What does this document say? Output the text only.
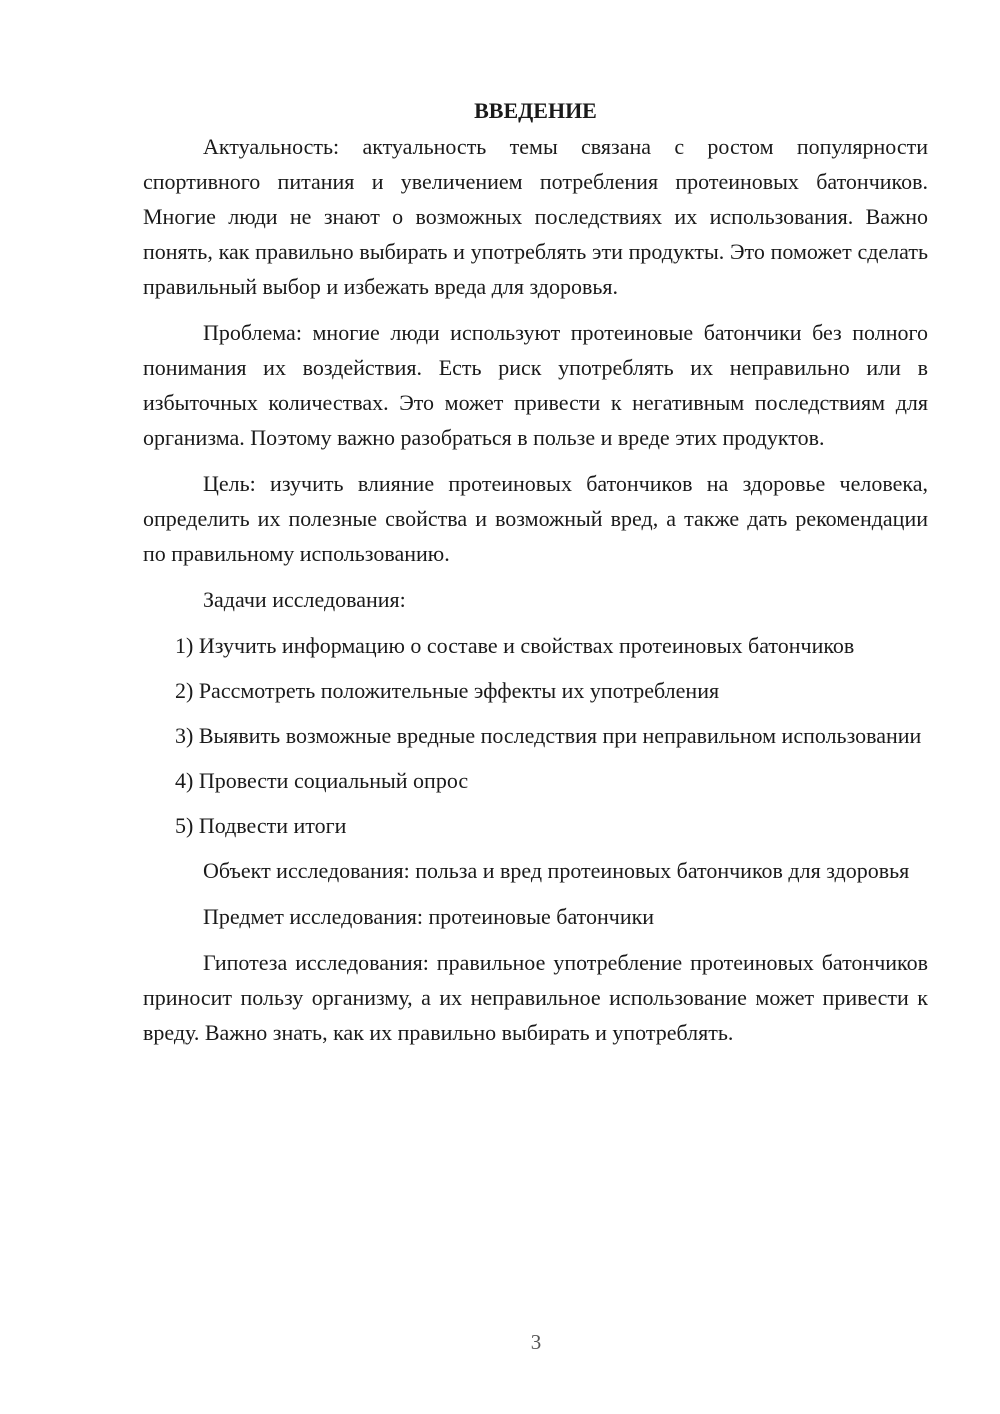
ВВЕДЕНИЕ

Актуальность: актуальность темы связана с ростом популярности спортивного питания и увеличением потребления протеиновых батончиков. Многие люди не знают о возможных последствиях их использования. Важно понять, как правильно выбирать и употреблять эти продукты. Это поможет сделать правильный выбор и избежать вреда для здоровья.

Проблема: многие люди используют протеиновые батончики без полного понимания их воздействия. Есть риск употреблять их неправильно или в избыточных количествах. Это может привести к негативным последствиям для организма. Поэтому важно разобраться в пользе и вреде этих продуктов.

Цель: изучить влияние протеиновых батончиков на здоровье человека, определить их полезные свойства и возможный вред, а также дать рекомендации по правильному использованию.

Задачи исследования:

1) Изучить информацию о составе и свойствах протеиновых батончиков

2) Рассмотреть положительные эффекты их употребления

3) Выявить возможные вредные последствия при неправильном использовании

4) Провести социальный опрос

5) Подвести итоги

Объект исследования: польза и вред протеиновых батончиков для здоровья

Предмет исследования: протеиновые батончики

Гипотеза исследования: правильное употребление протеиновых батончиков приносит пользу организму, а их неправильное использование может привести к вреду. Важно знать, как их правильно выбирать и употреблять.

3
